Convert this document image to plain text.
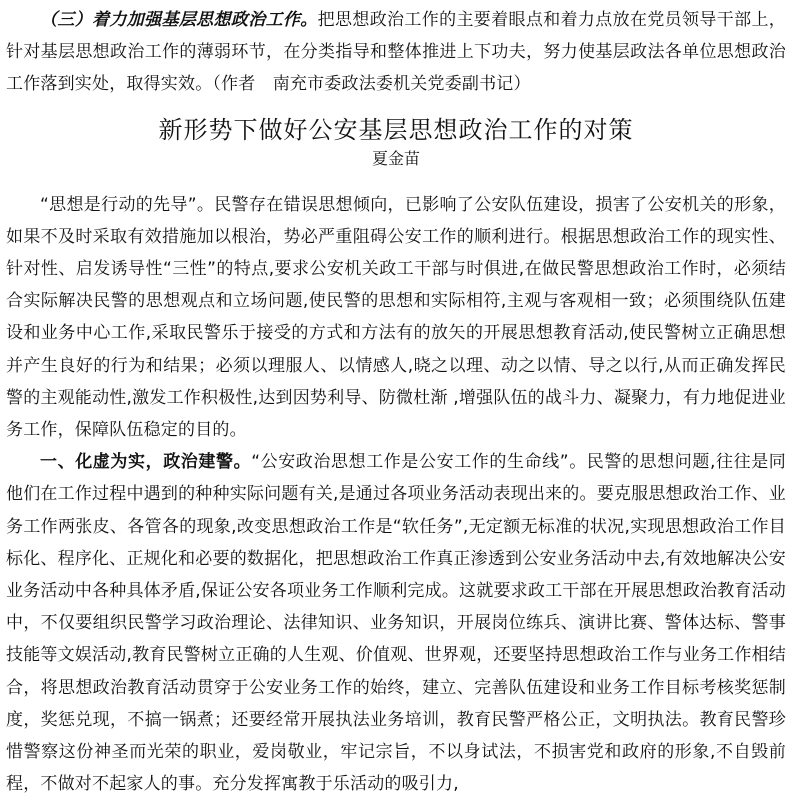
（三）着力加强基层思想政治工作。把思想政治工作的主要着眼点和着力点放在党员领导干部上，针对基层思想政治工作的薄弱环节，在分类指导和整体推进上下功夫，努力使基层政法各单位思想政治工作落到实处，取得实效。（作者　南充市委政法委机关党委副书记）

新形势下做好公安基层思想政治工作的对策

夏金苗

“思想是行动的先导”。民警存在错误思想倾向，已影响了公安队伍建设，损害了公安机关的形象，如果不及时采取有效措施加以根治，势必严重阻碍公安工作的顺利进行。根据思想政治工作的现实性、针对性、启发诱导性“三性”的特点,要求公安机关政工干部与时俱进,在做民警思想政治工作时，必须结合实际解决民警的思想观点和立场问题,使民警的思想和实际相符,主观与客观相一致；必须围绕队伍建设和业务中心工作,采取民警乐于接受的方式和方法有的放矢的开展思想教育活动,使民警树立正确思想并产生良好的行为和结果；必须以理服人、以情感人,晓之以理、动之以情、导之以行,从而正确发挥民警的主观能动性,激发工作积极性,达到因势利导、防微杜渐 ,增强队伍的战斗力、凝聚力，有力地促进业务工作，保障队伍稳定的目的。

一、化虚为实，政治建警。“公安政治思想工作是公安工作的生命线”。民警的思想问题,往往是同他们在工作过程中遇到的种种实际问题有关,是通过各项业务活动表现出来的。要克服思想政治工作、业务工作两张皮、各管各的现象,改变思想政治工作是“软任务”,无定额无标准的状况,实现思想政治工作目标化、程序化、正规化和必要的数据化，把思想政治工作真正渗透到公安业务活动中去,有效地解决公安业务活动中各种具体矛盾,保证公安各项业务工作顺利完成。这就要求政工干部在开展思想政治教育活动中，不仅要组织民警学习政治理论、法律知识、业务知识，开展岗位练兵、演讲比赛、警体达标、警事技能等文娱活动,教育民警树立正确的人生观、价值观、世界观，还要坚持思想政治工作与业务工作相结合，将思想政治教育活动贯穿于公安业务工作的始终，建立、完善队伍建设和业务工作目标考核奖惩制度，奖惩兑现，不搞一锅煮；还要经常开展执法业务培训，教育民警严格公正，文明执法。教育民警珍惜警察这份神圣而光荣的职业，爱岗敬业，牢记宗旨，不以身试法，不损害党和政府的形象,不自毁前程，不做对不起家人的事。充分发挥寓教于乐活动的吸引力,
